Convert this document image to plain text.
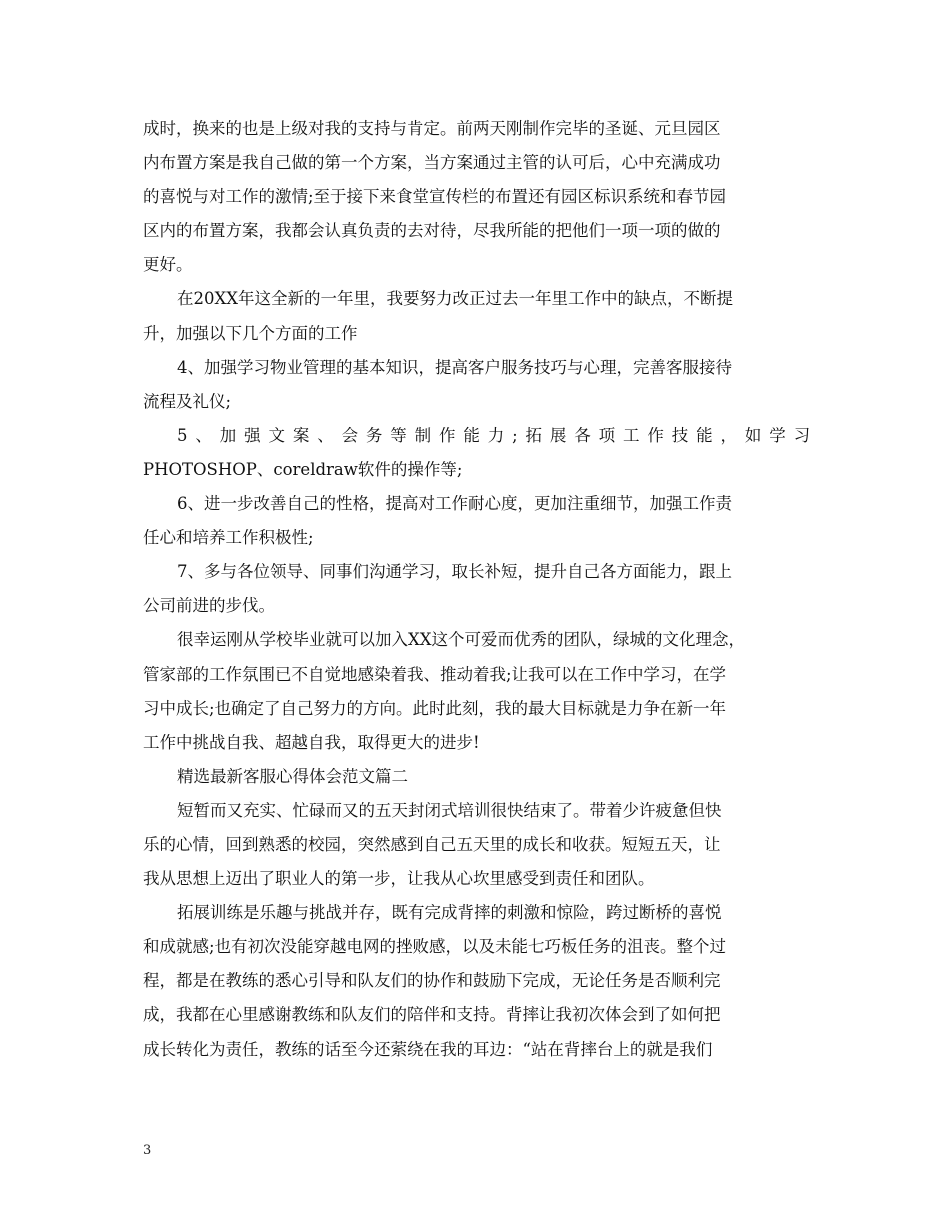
成时，换来的也是上级对我的支持与肯定。前两天刚制作完毕的圣诞、元旦园区
内布置方案是我自己做的第一个方案，当方案通过主管的认可后，心中充满成功
的喜悦与对工作的激情;至于接下来食堂宣传栏的布置还有园区标识系统和春节园
区内的布置方案，我都会认真负责的去对待，尽我所能的把他们一项一项的做的
更好。
在20XX年这全新的一年里，我要努力改正过去一年里工作中的缺点，不断提
升，加强以下几个方面的工作
4、加强学习物业管理的基本知识，提高客户服务技巧与心理，完善客服接待
流程及礼仪;
5、加强文案、会务等制作能力;拓展各项工作技能，如学习
PHOTOSHOP、coreldraw软件的操作等;
6、进一步改善自己的性格，提高对工作耐心度，更加注重细节，加强工作责
任心和培养工作积极性;
7、多与各位领导、同事们沟通学习，取长补短，提升自己各方面能力，跟上
公司前进的步伐。
很幸运刚从学校毕业就可以加入XX这个可爱而优秀的团队，绿城的文化理念，
管家部的工作氛围已不自觉地感染着我、推动着我;让我可以在工作中学习，在学
习中成长;也确定了自己努力的方向。此时此刻，我的最大目标就是力争在新一年
工作中挑战自我、超越自我，取得更大的进步!
精选最新客服心得体会范文篇二
短暂而又充实、忙碌而又的五天封闭式培训很快结束了。带着少许疲惫但快
乐的心情，回到熟悉的校园，突然感到自己五天里的成长和收获。短短五天，让
我从思想上迈出了职业人的第一步，让我从心坎里感受到责任和团队。
拓展训练是乐趣与挑战并存，既有完成背摔的刺激和惊险，跨过断桥的喜悦
和成就感;也有初次没能穿越电网的挫败感，以及未能七巧板任务的沮丧。整个过
程，都是在教练的悉心引导和队友们的协作和鼓励下完成，无论任务是否顺利完
成，我都在心里感谢教练和队友们的陪伴和支持。背摔让我初次体会到了如何把
成长转化为责任，教练的话至今还萦绕在我的耳边：“站在背摔台上的就是我们
3
